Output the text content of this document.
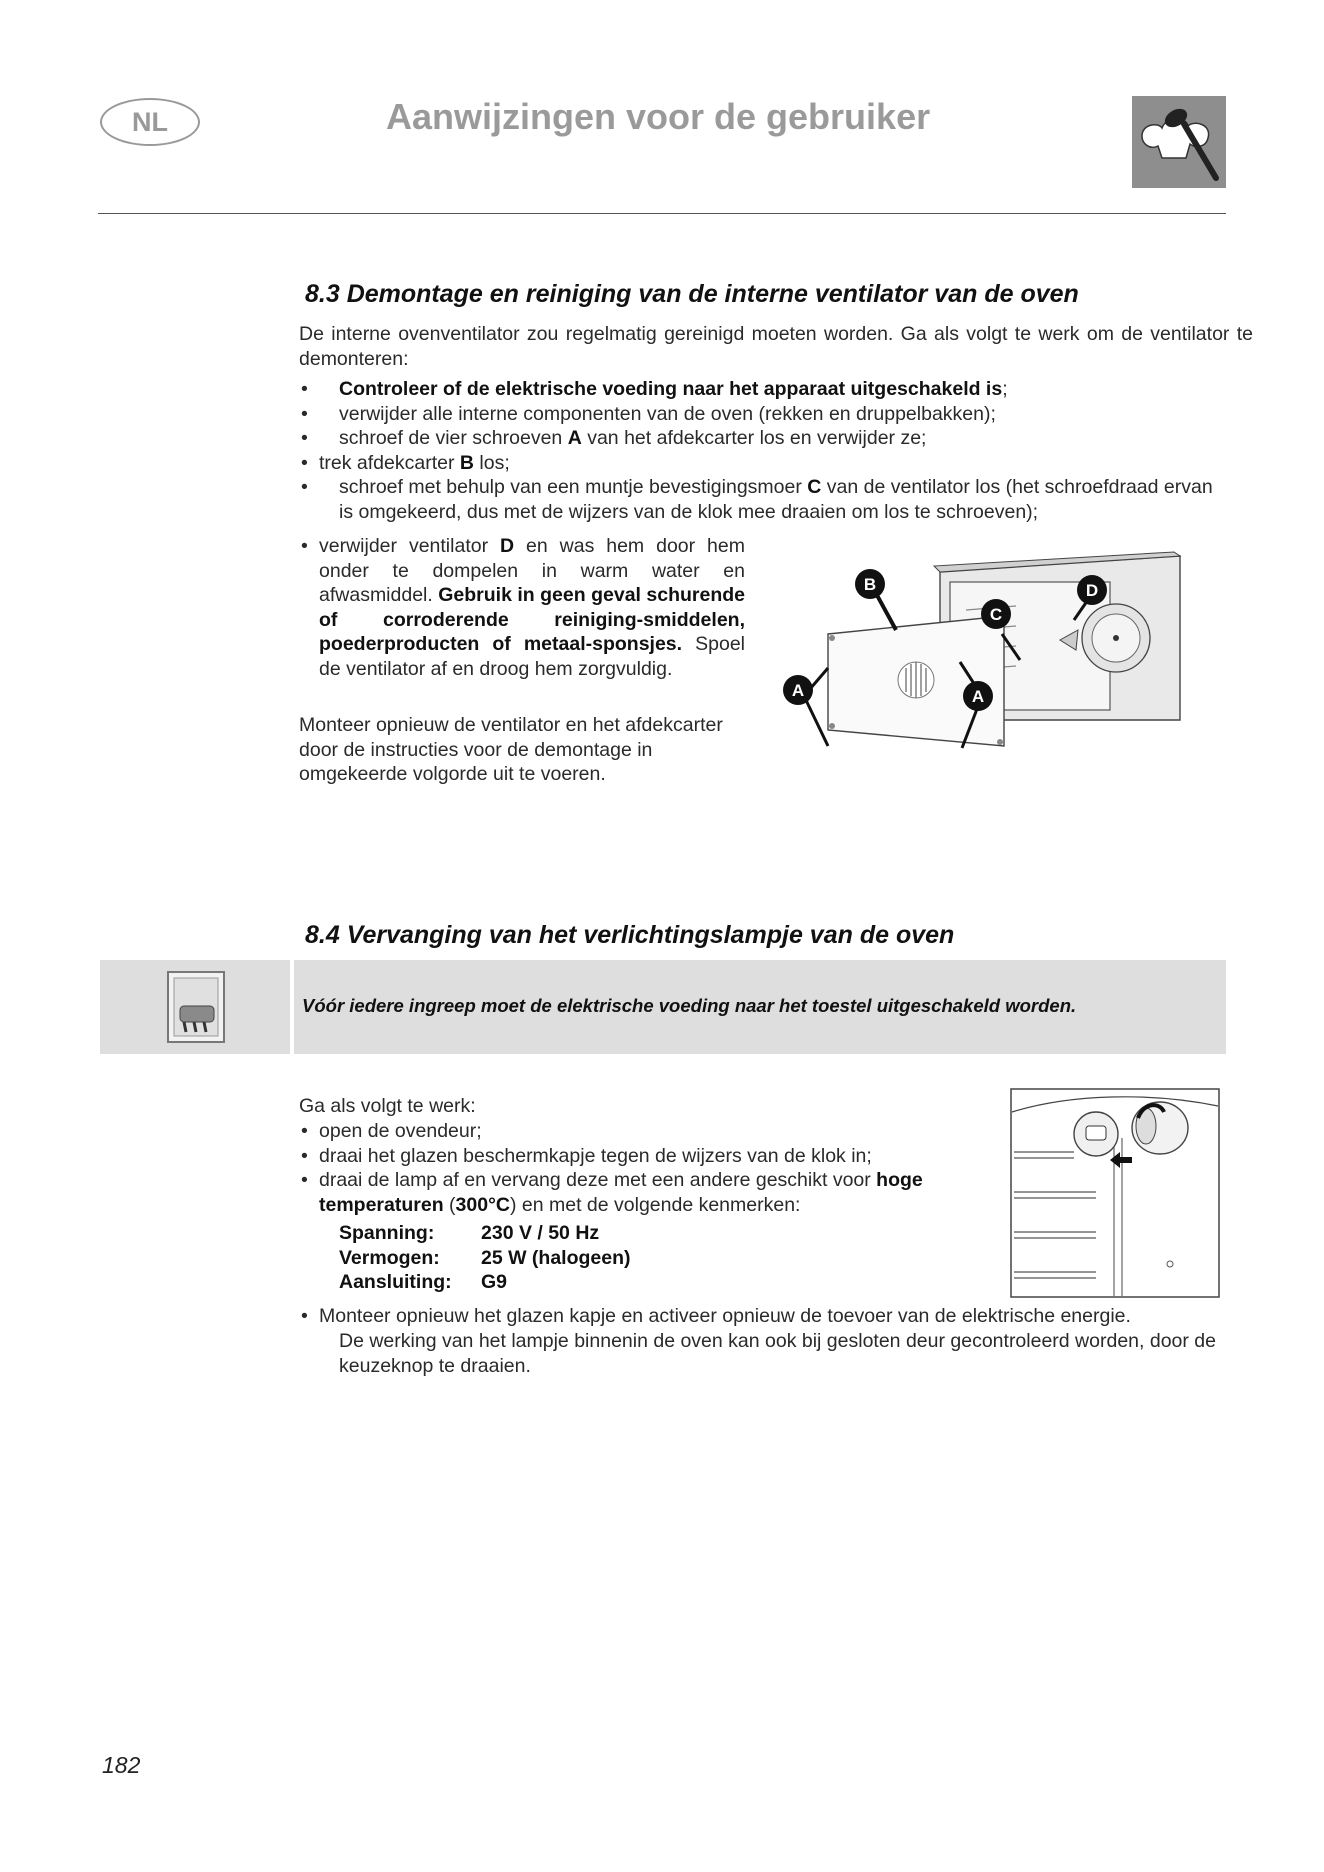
NL	Aanwijzingen voor de gebruiker
8.3 Demontage en reiniging van de interne ventilator van de oven
De interne ovenventilator zou regelmatig gereinigd moeten worden. Ga als volgt te werk om de ventilator te demonteren:
• Controleer of de elektrische voeding naar het apparaat uitgeschakeld is;
• verwijder alle interne componenten van de oven (rekken en druppelbakken);
• schroef de vier schroeven A van het afdekcarter los en verwijder ze;
• trek afdekcarter B los;
• schroef met behulp van een muntje bevestigingsmoer C van de ventilator los (het schroefdraad ervan is omgekeerd, dus met de wijzers van de klok mee draaien om los te schroeven);
• verwijder ventilator D en was hem door hem onder te dompelen in warm water en afwasmiddel. Gebruik in geen geval schurende of corroderende reiniging-smiddelen, poederproducten of metaal-sponsjes. Spoel de ventilator af en droog hem zorgvuldig.
Monteer opnieuw de ventilator en het afdekcarter door de instructies voor de demontage in omgekeerde volgorde uit te voeren.
B
A	A
C
D
8.4 Vervanging van het verlichtingslampje van de oven
Vóór iedere ingreep moet de elektrische voeding naar het toestel uitgeschakeld worden.
Ga als volgt te werk:
• open de ovendeur;
• draai het glazen beschermkapje tegen de wijzers van de klok in;
• draai de lamp af en vervang deze met een andere geschikt voor hoge temperaturen (300°C) en met de volgende kenmerken:
Spanning:	230 V / 50 Hz
Vermogen:	25 W (halogeen)
Aansluiting:	G9
• Monteer opnieuw het glazen kapje en activeer opnieuw de toevoer van de elektrische energie.
De werking van het lampje binnenin de oven kan ook bij gesloten deur gecontroleerd worden, door de keuzeknop te draaien.
182
